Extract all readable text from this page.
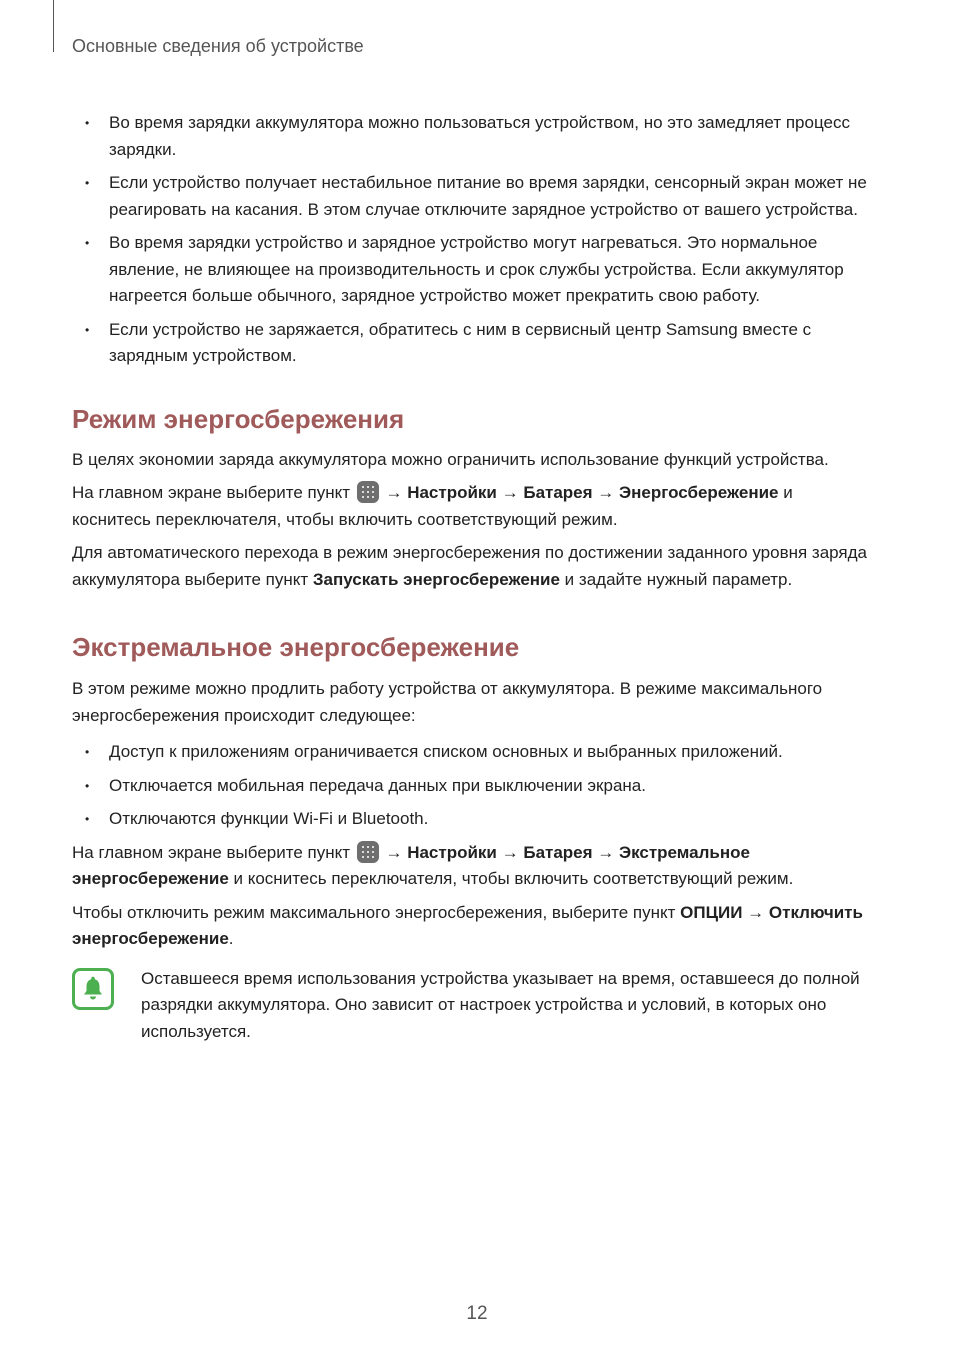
Основные сведения об устройстве
• Во время зарядки аккумулятора можно пользоваться устройством, но это замедляет процесс зарядки.
• Если устройство получает нестабильное питание во время зарядки, сенсорный экран может не реагировать на касания. В этом случае отключите зарядное устройство от вашего устройства.
• Во время зарядки устройство и зарядное устройство могут нагреваться. Это нормальное явление, не влияющее на производительность и срок службы устройства. Если аккумулятор нагреется больше обычного, зарядное устройство может прекратить свою работу.
• Если устройство не заряжается, обратитесь с ним в сервисный центр Samsung вместе с зарядным устройством.
Режим энергосбережения

В целях экономии заряда аккумулятора можно ограничить использование функций устройства.

На главном экране выберите пункт
→ Настройки → Батарея → Энергосбережение и коснитесь переключателя, чтобы включить соответствующий режим.

Для автоматического перехода в режим энергосбережения по достижении заданного уровня заряда аккумулятора выберите пункт Запускать энергосбережение и задайте нужный параметр.

Экстремальное энергосбережение

В этом режиме можно продлить работу устройства от аккумулятора. В режиме максимального энергосбережения происходит следующее:

• Доступ к приложениям ограничивается списком основных и выбранных приложений.
• Отключается мобильная передача данных при выключении экрана.
• Отключаются функции Wi-Fi и Bluetooth.

На главном экране выберите пункт
→ Настройки → Батарея → Экстремальное энергосбережение и коснитесь переключателя, чтобы включить соответствующий режим.

Чтобы отключить режим максимального энергосбережения, выберите пункт ОПЦИИ → Отключить энергосбережение.

Оставшееся время использования устройства указывает на время, оставшееся до полной разрядки аккумулятора. Оно зависит от настроек устройства и условий, в которых оно используется.
12
